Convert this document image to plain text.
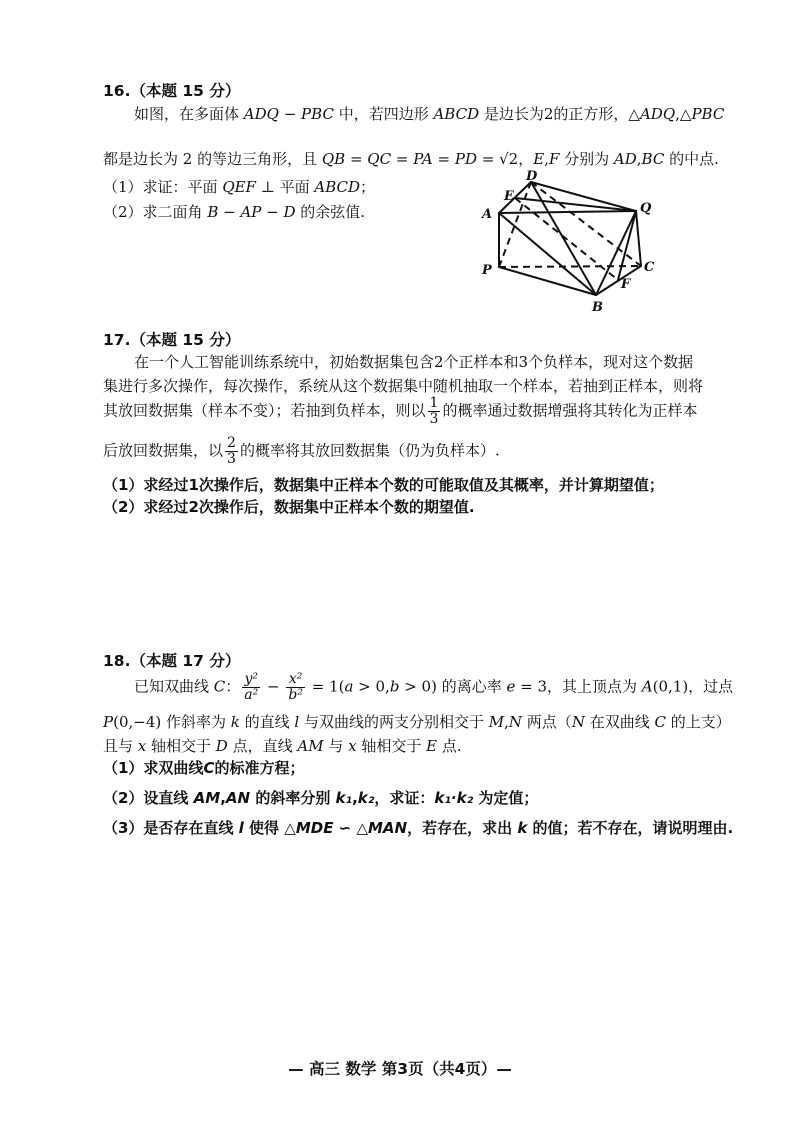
16.（本题 15 分）
如图，在多面体 ADQ − PBC 中，若四边形 ABCD 是边长为2的正方形，△ADQ,△PBC
都是边长为 2 的等边三角形，且 QB = QC = PA = PD = √2，E,F 分别为 AD,BC 的中点.
（1）求证：平面 QEF ⊥ 平面 ABCD；
（2）求二面角 B − AP − D 的余弦值.
D
E
A	Q
P	C
F
B
17.（本题 15 分）
在一个人工智能训练系统中，初始数据集包含2个正样本和3个负样本，现对这个数据
集进行多次操作，每次操作，系统从这个数据集中随机抽取一个样本，若抽到正样本，则将
其放回数据集（样本不变）；若抽到负样本，则以 $\frac{1}{3}$ 的概率通过数据增强将其转化为正样本
后放回数据集，以 $\frac{2}{3}$ 的概率将其放回数据集（仍为负样本）.
（1）求经过1次操作后，数据集中正样本个数的可能取值及其概率，并计算期望值；
（2）求经过2次操作后，数据集中正样本个数的期望值.
18.（本题 17 分）
已知双曲线 C： $\frac{\text{y²}}{\text{a²}} - \frac{\text{x²}}{\text{b²}} = 1(a > 0,b > 0)$ 的离心率 e = 3，其上顶点为 A(0,1)，过点
P(0,−4) 作斜率为 k 的直线 l 与双曲线的两支分别相交于 M,N 两点（N 在双曲线 C 的上支）
且与 x 轴相交于 D 点，直线 AM 与 x 轴相交于 E 点.
（1）求双曲线C的标准方程；
（2）设直线 AM,AN 的斜率分别 k₁,k₂，求证：k₁·k₂ 为定值；
（3）是否存在直线 l 使得 △MDE ∽ △MAN，若存在，求出 k 的值；若不存在，请说明理由.
— 高三 数学 第3页（共4页）—
